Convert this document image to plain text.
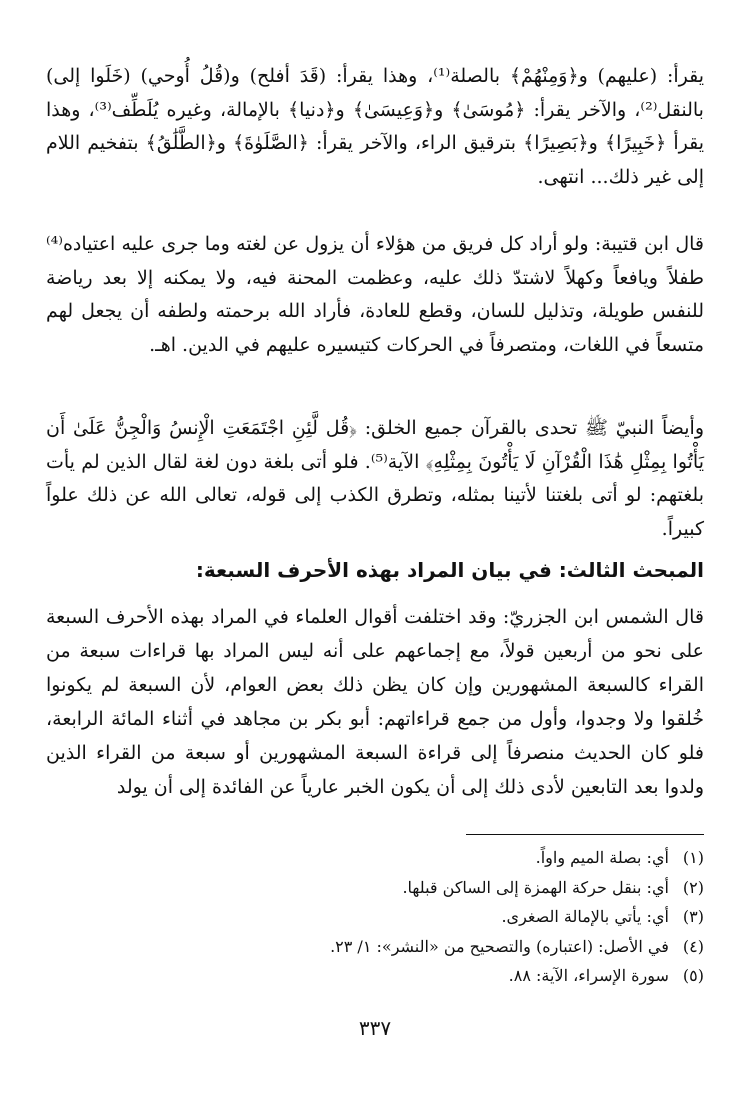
يقرأ: (عليهم) و﴿وَمِنْهُمْ﴾ بالصلة⁽¹⁾، وهذا يقرأ: (قَدَ أفلح) و(قُلُ أُوحي) (خَلَوا إلى) بالنقل⁽²⁾، والآخر يقرأ: ﴿مُوسَىٰ﴾ و﴿وَعِيسَىٰ﴾ و﴿دنيا﴾ بالإمالة، وغيره يُلَطِّف⁽³⁾، وهذا يقرأ ﴿خَبِيرًا﴾ و﴿بَصِيرًا﴾ بترقيق الراء، والآخر يقرأ: ﴿الصَّلَوٰةَ﴾ و﴿الطَّلَٰقُ﴾ بتفخيم اللام إلى غير ذلك... انتهى.
قال ابن قتيبة: ولو أراد كل فريق من هؤلاء أن يزول عن لغته وما جرى عليه اعتياده⁽⁴⁾ طفلاً ويافعاً وكهلاً لاشتدّ ذلك عليه، وعظمت المحنة فيه، ولا يمكنه إلا بعد رياضة للنفس طويلة، وتذليل للسان، وقطع للعادة، فأراد الله برحمته ولطفه أن يجعل لهم متسعاً في اللغات، ومتصرفاً في الحركات كتيسيره عليهم في الدين. اهـ.
وأيضاً النبيّ ﷺ تحدى بالقرآن جميع الخلق: ﴿قُل لَّئِنِ اجْتَمَعَتِ الْإِنسُ وَالْجِنُّ عَلَىٰ أَن يَأْتُوا بِمِثْلِ هَٰذَا الْقُرْآنِ لَا يَأْتُونَ بِمِثْلِهِ﴾ الآية⁽⁵⁾. فلو أتى بلغة دون لغة لقال الذين لم يأت بلغتهم: لو أتى بلغتنا لأتينا بمثله، وتطرق الكذب إلى قوله، تعالى الله عن ذلك علواً كبيراً.
المبحث الثالث: في بيان المراد بهذه الأحرف السبعة:
قال الشمس ابن الجزريّ: وقد اختلفت أقوال العلماء في المراد بهذه الأحرف السبعة على نحو من أربعين قولاً، مع إجماعهم على أنه ليس المراد بها قراءات سبعة من القراء كالسبعة المشهورين وإن كان يظن ذلك بعض العوام، لأن السبعة لم يكونوا خُلقوا ولا وجدوا، وأول من جمع قراءاتهم: أبو بكر بن مجاهد في أثناء المائة الرابعة، فلو كان الحديث منصرفاً إلى قراءة السبعة المشهورين أو سبعة من القراء الذين ولدوا بعد التابعين لأدى ذلك إلى أن يكون الخبر عارياً عن الفائدة إلى أن يولد
(١) أي: بصلة الميم واواً.
(٢) أي: بنقل حركة الهمزة إلى الساكن قبلها.
(٣) أي: يأتي بالإمالة الصغرى.
(٤) في الأصل: (اعتباره) والتصحيح من «النشر»: ١/ ٢٣.
(٥) سورة الإسراء، الآية: ٨٨.
٣٣٧
